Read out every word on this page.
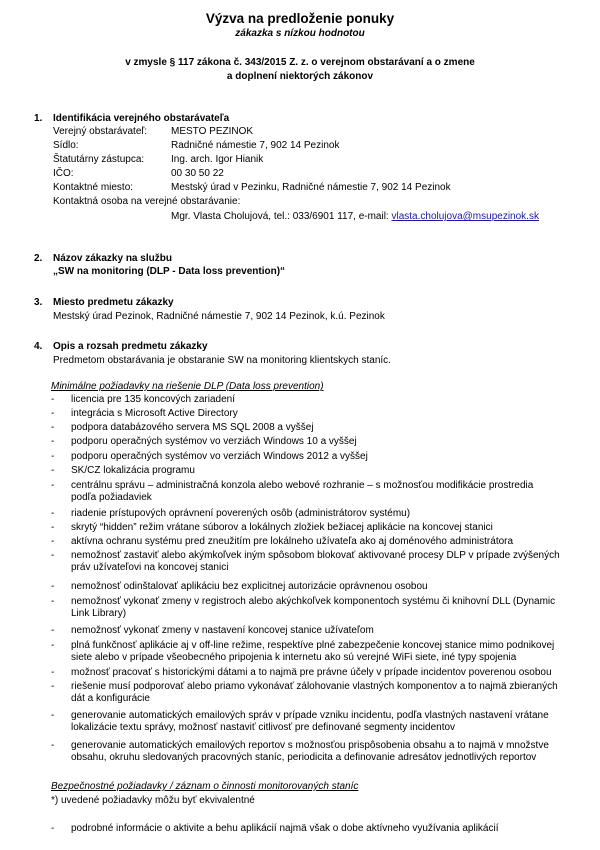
Výzva na predloženie ponuky
zákazka s nízkou hodnotou
v zmysle § 117 zákona č. 343/2015 Z. z. o verejnom obstarávaní a o zmene
a doplnení niektorých zákonov
1. Identifikácia verejného obstarávateľa
Verejný obstarávateľ: MESTO PEZINOK
Sídlo:	Radničné námestie 7, 902 14 Pezinok
Štatutárny zástupca:	Ing. arch. Igor Hianik
IČO:	00 30 50 22
Kontaktné miesto:	Mestský úrad v Pezinku, Radničné námestie 7, 902 14 Pezinok
Kontaktná osoba na verejné obstarávanie:
Mgr. Vlasta Cholujová, tel.: 033/6901 117, e-mail: vlasta.cholujova@msupezinok.sk
2. Názov zákazky na službu
„SW na monitoring (DLP - Data loss prevention)“
3. Miesto predmetu zákazky
Mestský úrad Pezinok, Radničné námestie 7, 902 14 Pezinok, k.ú. Pezinok
4. Opis a rozsah predmetu zákazky
Predmetom obstarávania je obstaranie SW na monitoring klientskych staníc.
Minimálne požiadavky na riešenie DLP (Data loss prevention)
- licencia pre 135 koncových zariadení
- integrácia s Microsoft Active Directory
- podpora databázového servera MS SQL 2008 a vyššej
- podporu operačných systémov vo verziách Windows 10 a vyššej
- podporu operačných systémov vo verziách Windows 2012 a vyššej
- SK/CZ lokalizácia programu
- centrálnu správu – administračná konzola alebo webové rozhranie – s možnosťou modifikácie prostredia podľa požiadaviek
- riadenie prístupových oprávnení poverených osôb (administrátorov systému)
- skrytý “hidden” režim vrátane súborov a lokálnych zložiek bežiacej aplikácie na koncovej stanici
- aktívna ochranu systému pred zneužitím pre lokálneho užívateľa ako aj doménového administrátora
- nemožnosť zastaviť alebo akýmkoľvek iným spôsobom blokovať aktivované procesy DLP v prípade zvýšených práv užívateľovi na koncovej stanici
- nemožnosť odinštalovať aplikáciu bez explicitnej autorizácie oprávnenou osobou
- nemožnosť vykonať zmeny v registroch alebo akýchkoľvek komponentoch systému či knihovní DLL (Dynamic Link Library)
- nemožnosť vykonať zmeny v nastavení koncovej stanice užívateľom
- plná funkčnosť aplikácie aj v off-line režime, respektíve plné zabezpečenie koncovej stanice mimo podnikovej siete alebo v prípade všeobecného pripojenia k internetu ako sú verejné WiFi siete, iné typy spojenia
- možnosť pracovať s historickými dátami a to najmä pre právne účely v prípade incidentov poverenou osobou
- riešenie musí podporovať alebo priamo vykonávať zálohovanie vlastných komponentov a to najmä zbieraných dát a konfigurácie
- generovanie automatických emailových správ v prípade vzniku incidentu, podľa vlastných nastavení vrátane lokalizácie textu správy, možnosť nastaviť citlivosť pre definované segmenty incidentov
- generovanie automatických emailových reportov s možnosťou prispôsobenia obsahu a to najmä v množstve obsahu, okruhu sledovaných pracovných staníc, periodicita a definovanie adresátov jednotlivých reportov
Bezpečnostné požiadavky / záznam o činnosti monitorovaných staníc
*) uvedené požiadavky môžu byť ekvivalentné
- podrobné informácie o aktivite a behu aplikácií najmä však o dobe aktívneho využívania aplikácií
